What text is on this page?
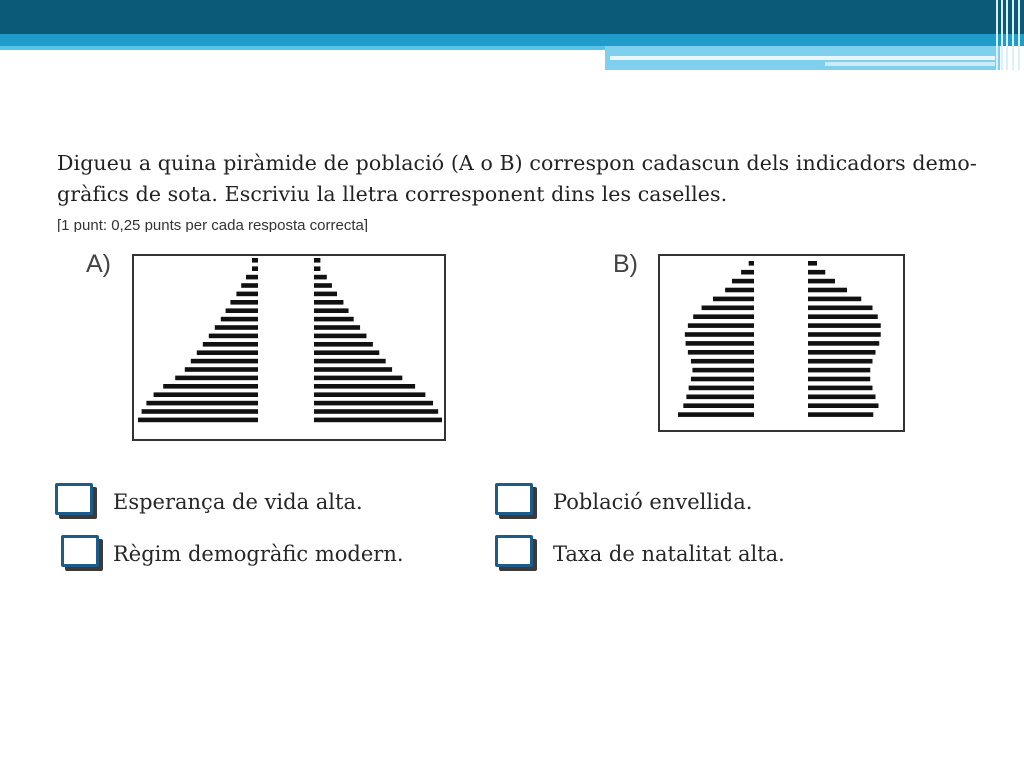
Digueu a quina piràmide de població (A o B) correspon cadascun dels indicadors demo-
gràfics de sota. Escriviu la lletra corresponent dins les caselles.
[1 punt: 0,25 punts per cada resposta correcta]
A)	B)
Esperança de vida alta.	Població envellida.
Règim demogràfic modern.	Taxa de natalitat alta.
